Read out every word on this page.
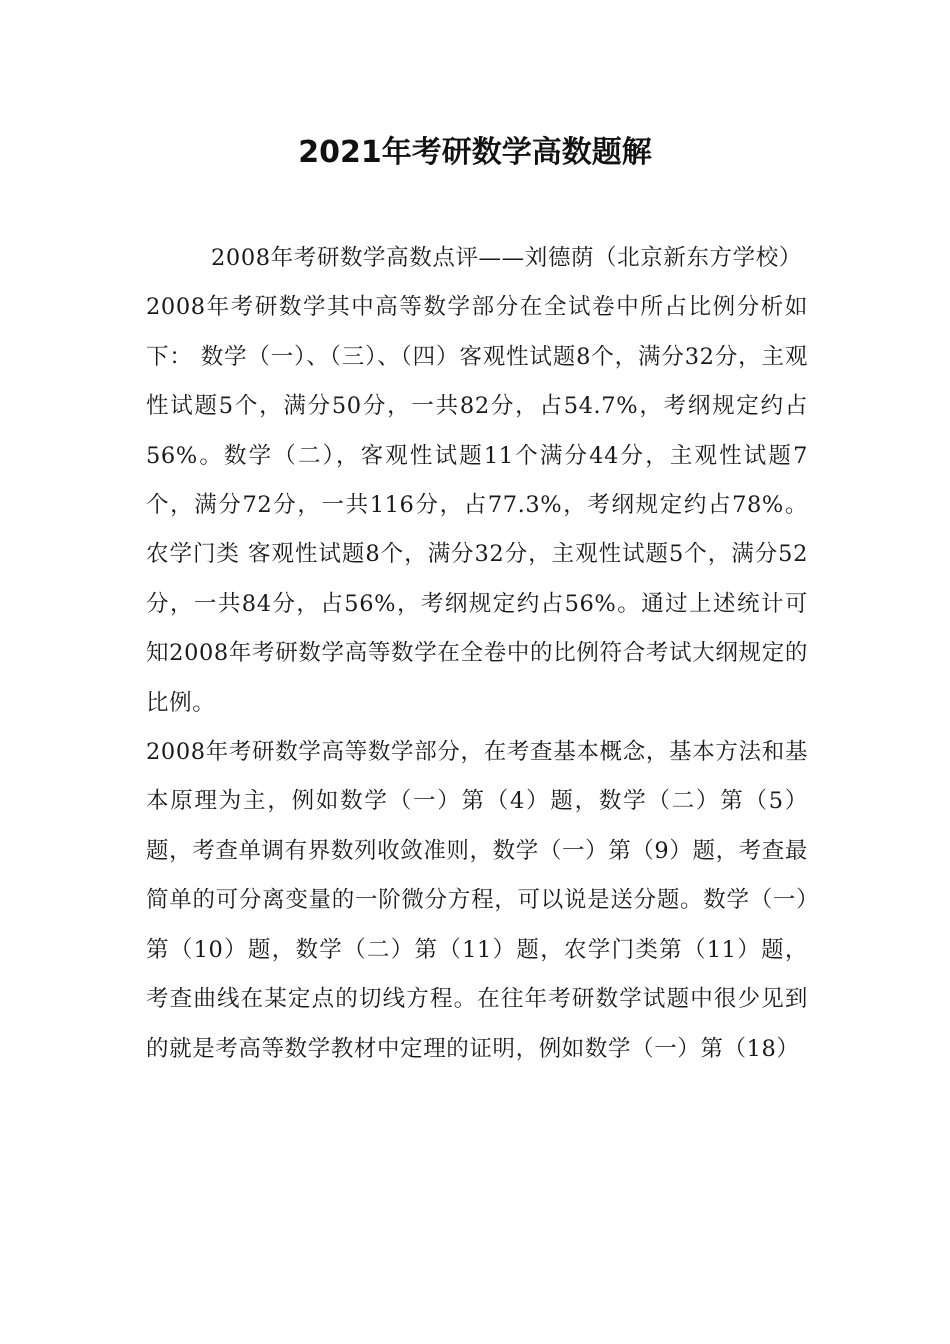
2021年考研数学高数题解

2008年考研数学高数点评——刘德荫（北京新东方学校）

2008年考研数学其中高等数学部分在全试卷中所占比例分析如下： 数学（一）、（三）、（四）客观性试题8个，满分32分，主观性试题5个，满分50分，一共82分，占54.7%，考纲规定约占56%。数学（二），客观性试题11个满分44分，主观性试题7个，满分72分，一共116分，占77.3%，考纲规定约占78%。农学门类 客观性试题8个，满分32分，主观性试题5个，满分52分，一共84分，占56%，考纲规定约占56%。通过上述统计可知2008年考研数学高等数学在全卷中的比例符合考试大纲规定的比例。

2008年考研数学高等数学部分，在考查基本概念，基本方法和基本原理为主，例如数学（一）第（4）题，数学（二）第（5）题，考查单调有界数列收敛准则，数学（一）第（9）题，考查最简单的可分离变量的一阶微分方程，可以说是送分题。数学（一）第（10）题，数学（二）第（11）题，农学门类第（11）题，考查曲线在某定点的切线方程。在往年考研数学试题中很少见到的就是考高等数学教材中定理的证明，例如数学（一）第（18）
